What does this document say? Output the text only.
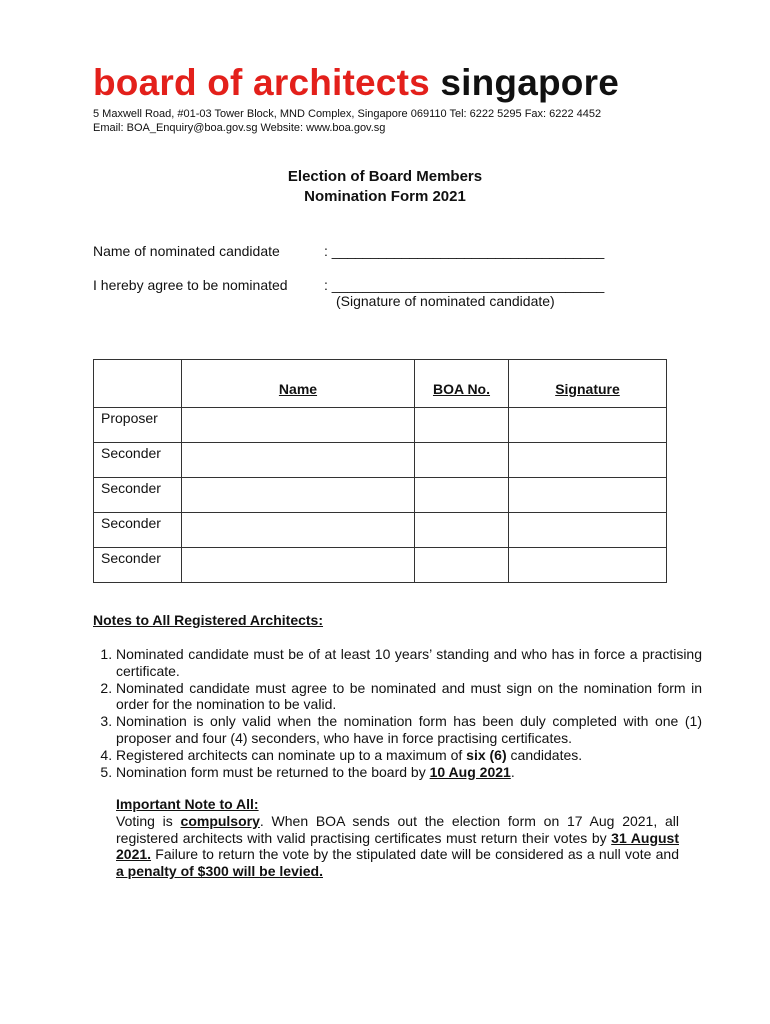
board of architects singapore
5 Maxwell Road, #01-03 Tower Block, MND Complex, Singapore 069110 Tel: 6222 5295 Fax: 6222 4452
Email: BOA_Enquiry@boa.gov.sg Website: www.boa.gov.sg
Election of Board Members
Nomination Form 2021
Name of nominated candidate	: ___________________________________
I hereby agree to be nominated	: ___________________________________
(Signature of nominated candidate)
	Name	BOA No.	Signature
Proposer			
Seconder			
Seconder			
Seconder			
Seconder			
Notes to All Registered Architects:
1. Nominated candidate must be of at least 10 years’ standing and who has in force a practising certificate.
2. Nominated candidate must agree to be nominated and must sign on the nomination form in order for the nomination to be valid.
3. Nomination is only valid when the nomination form has been duly completed with one (1) proposer and four (4) seconders, who have in force practising certificates.
4. Registered architects can nominate up to a maximum of six (6) candidates.
5. Nomination form must be returned to the board by 10 Aug 2021.
Important Note to All:
Voting is compulsory. When BOA sends out the election form on 17 Aug 2021, all registered architects with valid practising certificates must return their votes by 31 August 2021. Failure to return the vote by the stipulated date will be considered as a null vote and a penalty of $300 will be levied.
